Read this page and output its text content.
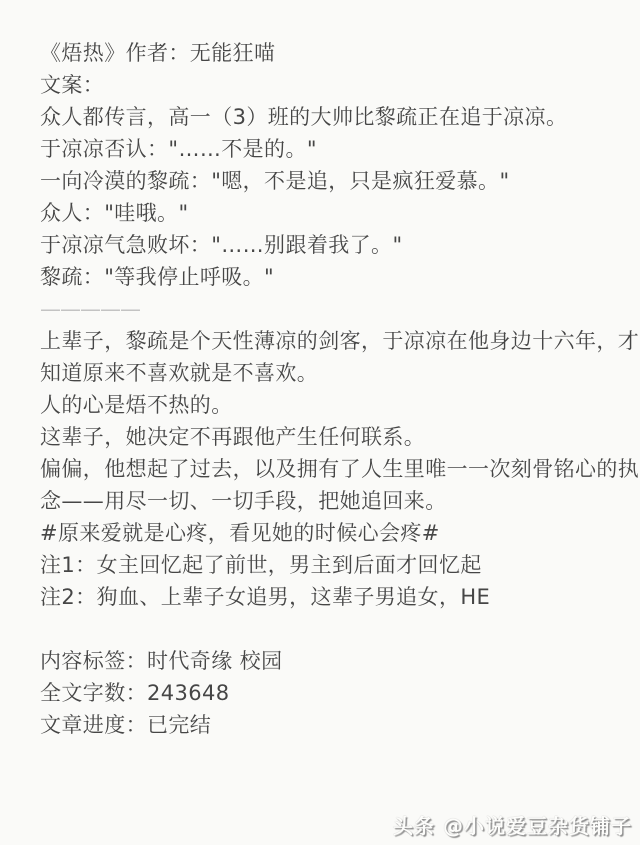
《焐热》作者：无能狂喵
文案：
众人都传言，高一（3）班的大帅比黎疏正在追于凉凉。
于凉凉否认："……不是的。"
一向冷漠的黎疏："嗯，不是追，只是疯狂爱慕。"
众人："哇哦。"
于凉凉气急败坏："……别跟着我了。"
黎疏："等我停止呼吸。"
—————
上辈子，黎疏是个天性薄凉的剑客，于凉凉在他身边十六年，才
知道原来不喜欢就是不喜欢。
人的心是焐不热的。
这辈子，她决定不再跟他产生任何联系。
偏偏，他想起了过去，以及拥有了人生里唯一一次刻骨铭心的执
念——用尽一切、一切手段，把她追回来。
#原来爱就是心疼，看见她的时候心会疼#
注1：女主回忆起了前世，男主到后面才回忆起
注2：狗血、上辈子女追男，这辈子男追女，HE

内容标签：时代奇缘 校园
全文字数：243648
文章进度：已完结
头条 @小说爱豆杂货铺子
